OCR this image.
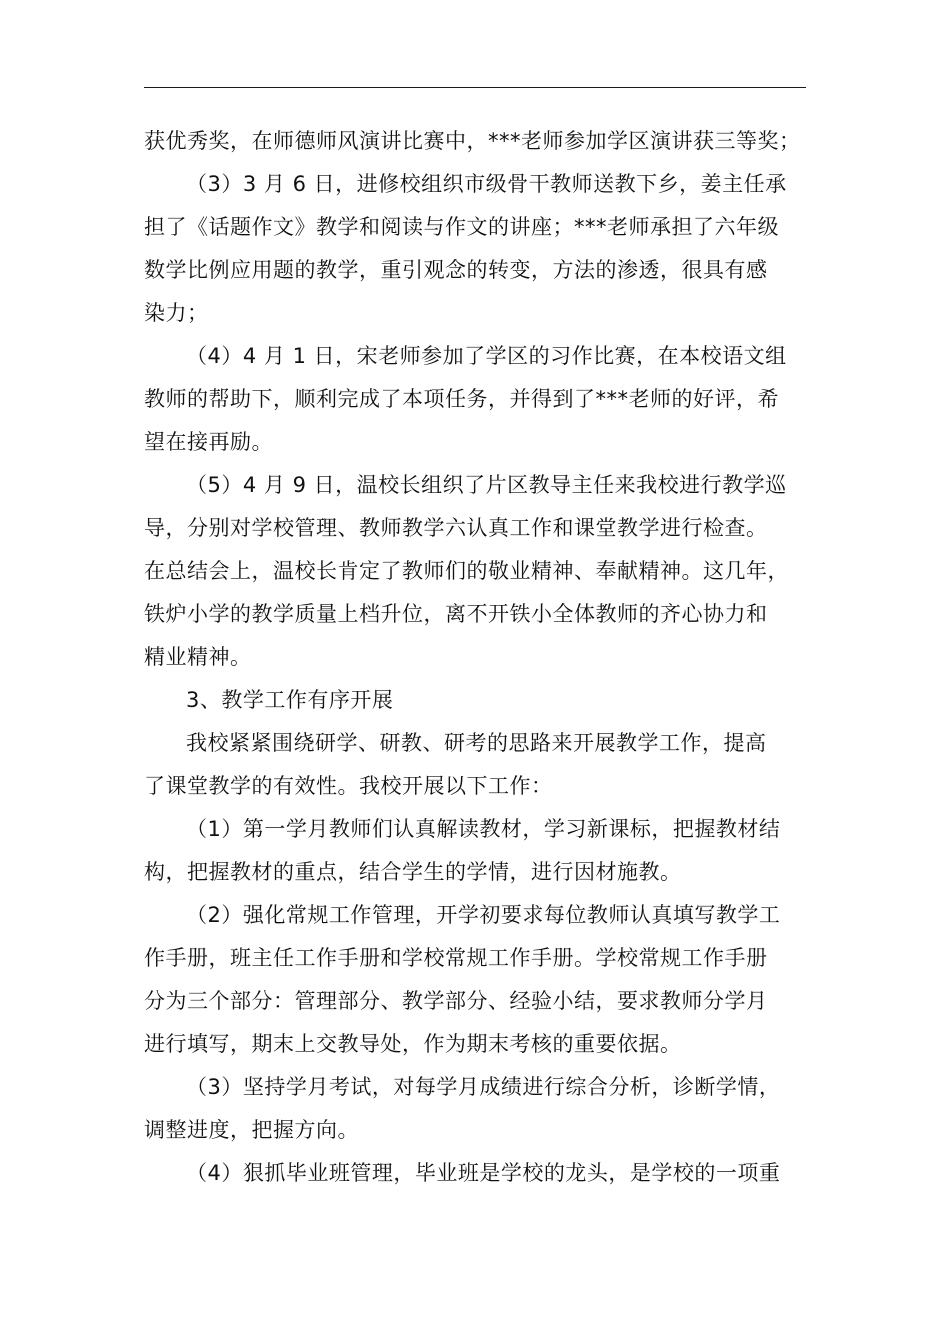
获优秀奖，在师德师风演讲比赛中，***老师参加学区演讲获三等奖；
（3）3 月 6 日，进修校组织市级骨干教师送教下乡，姜主任承
担了《话题作文》教学和阅读与作文的讲座；***老师承担了六年级
数学比例应用题的教学，重引观念的转变，方法的渗透，很具有感
染力；
（4）4 月 1 日，宋老师参加了学区的习作比赛，在本校语文组
教师的帮助下，顺利完成了本项任务，并得到了***老师的好评，希
望在接再励。
（5）4 月 9 日，温校长组织了片区教导主任来我校进行教学巡
导，分别对学校管理、教师教学六认真工作和课堂教学进行检查。
在总结会上，温校长肯定了教师们的敬业精神、奉献精神。这几年，
铁炉小学的教学质量上档升位，离不开铁小全体教师的齐心协力和
精业精神。
3、教学工作有序开展
我校紧紧围绕研学、研教、研考的思路来开展教学工作，提高
了课堂教学的有效性。我校开展以下工作：
（1）第一学月教师们认真解读教材，学习新课标，把握教材结
构，把握教材的重点，结合学生的学情，进行因材施教。
（2）强化常规工作管理，开学初要求每位教师认真填写教学工
作手册，班主任工作手册和学校常规工作手册。学校常规工作手册
分为三个部分：管理部分、教学部分、经验小结，要求教师分学月
进行填写，期末上交教导处，作为期末考核的重要依据。
（3）坚持学月考试，对每学月成绩进行综合分析，诊断学情，
调整进度，把握方向。
（4）狠抓毕业班管理，毕业班是学校的龙头，是学校的一项重
